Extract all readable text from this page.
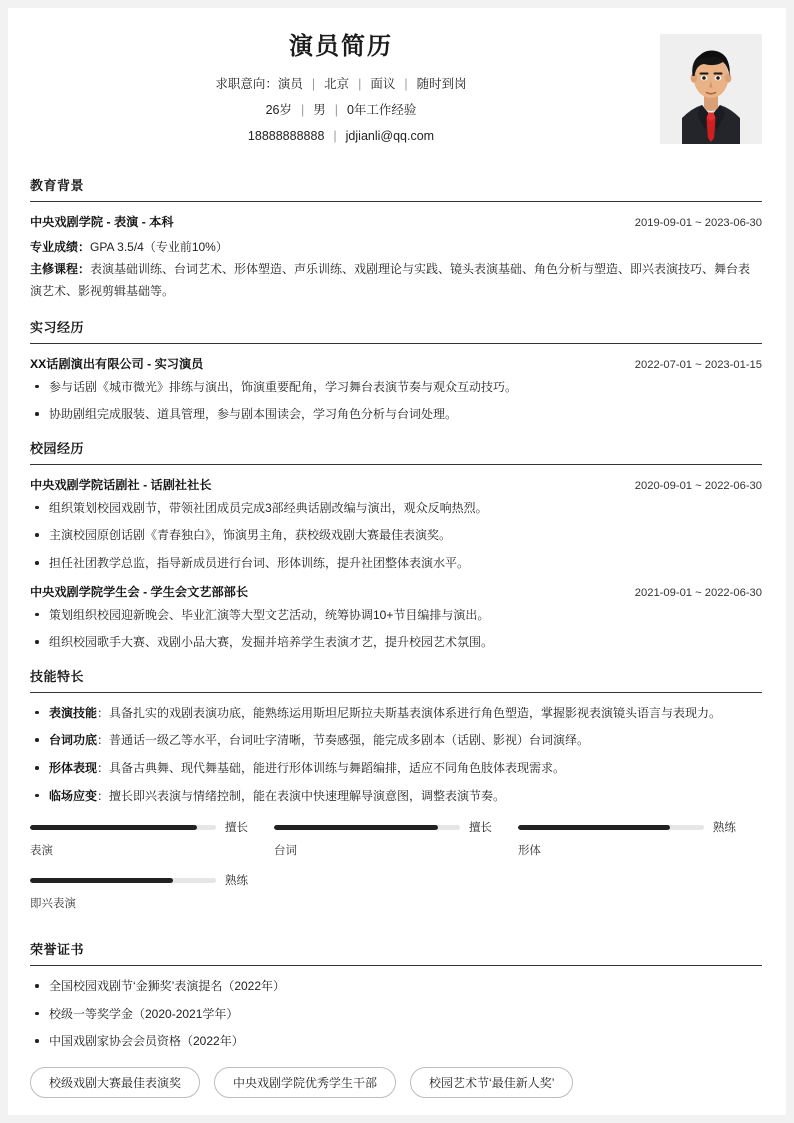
演员简历
求职意向：演员 | 北京 | 面议 | 随时到岗
26岁 | 男 | 0年工作经验
18888888888 | jdjianli@qq.com
教育背景
中央戏剧学院 - 表演 - 本科	2019-09-01 ~ 2023-06-30
专业成绩：GPA 3.5/4（专业前10%）
主修课程：表演基础训练、台词艺术、形体塑造、声乐训练、戏剧理论与实践、镜头表演基础、角色分析与塑造、即兴表演技巧、舞台表演艺术、影视剪辑基础等。
实习经历
XX话剧演出有限公司 - 实习演员	2022-07-01 ~ 2023-01-15
参与话剧《城市微光》排练与演出，饰演重要配角，学习舞台表演节奏与观众互动技巧。
协助剧组完成服装、道具管理，参与剧本围读会，学习角色分析与台词处理。
校园经历
中央戏剧学院话剧社 - 话剧社社长	2020-09-01 ~ 2022-06-30
组织策划校园戏剧节，带领社团成员完成3部经典话剧改编与演出，观众反响热烈。
主演校园原创话剧《青春独白》，饰演男主角，获校级戏剧大赛最佳表演奖。
担任社团教学总监，指导新成员进行台词、形体训练，提升社团整体表演水平。
中央戏剧学院学生会 - 学生会文艺部部长	2021-09-01 ~ 2022-06-30
策划组织校园迎新晚会、毕业汇演等大型文艺活动，统筹协调10+节目编排与演出。
组织校园歌手大赛、戏剧小品大赛，发掘并培养学生表演才艺，提升校园艺术氛围。
技能特长
表演技能：具备扎实的戏剧表演功底，能熟练运用斯坦尼斯拉夫斯基表演体系进行角色塑造，掌握影视表演镜头语言与表现力。
台词功底：普通话一级乙等水平，台词吐字清晰，节奏感强，能完成多剧本（话剧、影视）台词演绎。
形体表现：具备古典舞、现代舞基础，能进行形体训练与舞蹈编排，适应不同角色肢体表现需求。
临场应变：擅长即兴表演与情绪控制，能在表演中快速理解导演意图，调整表演节奏。
擅长
表演
擅长
台词
熟练
形体
熟练
即兴表演
荣誉证书
全国校园戏剧节‘金狮奖’表演提名（2022年）
校级一等奖学金（2020-2021学年）
中国戏剧家协会会员资格（2022年）
校级戏剧大赛最佳表演奖	中央戏剧学院优秀学生干部	校园艺术节‘最佳新人奖’
